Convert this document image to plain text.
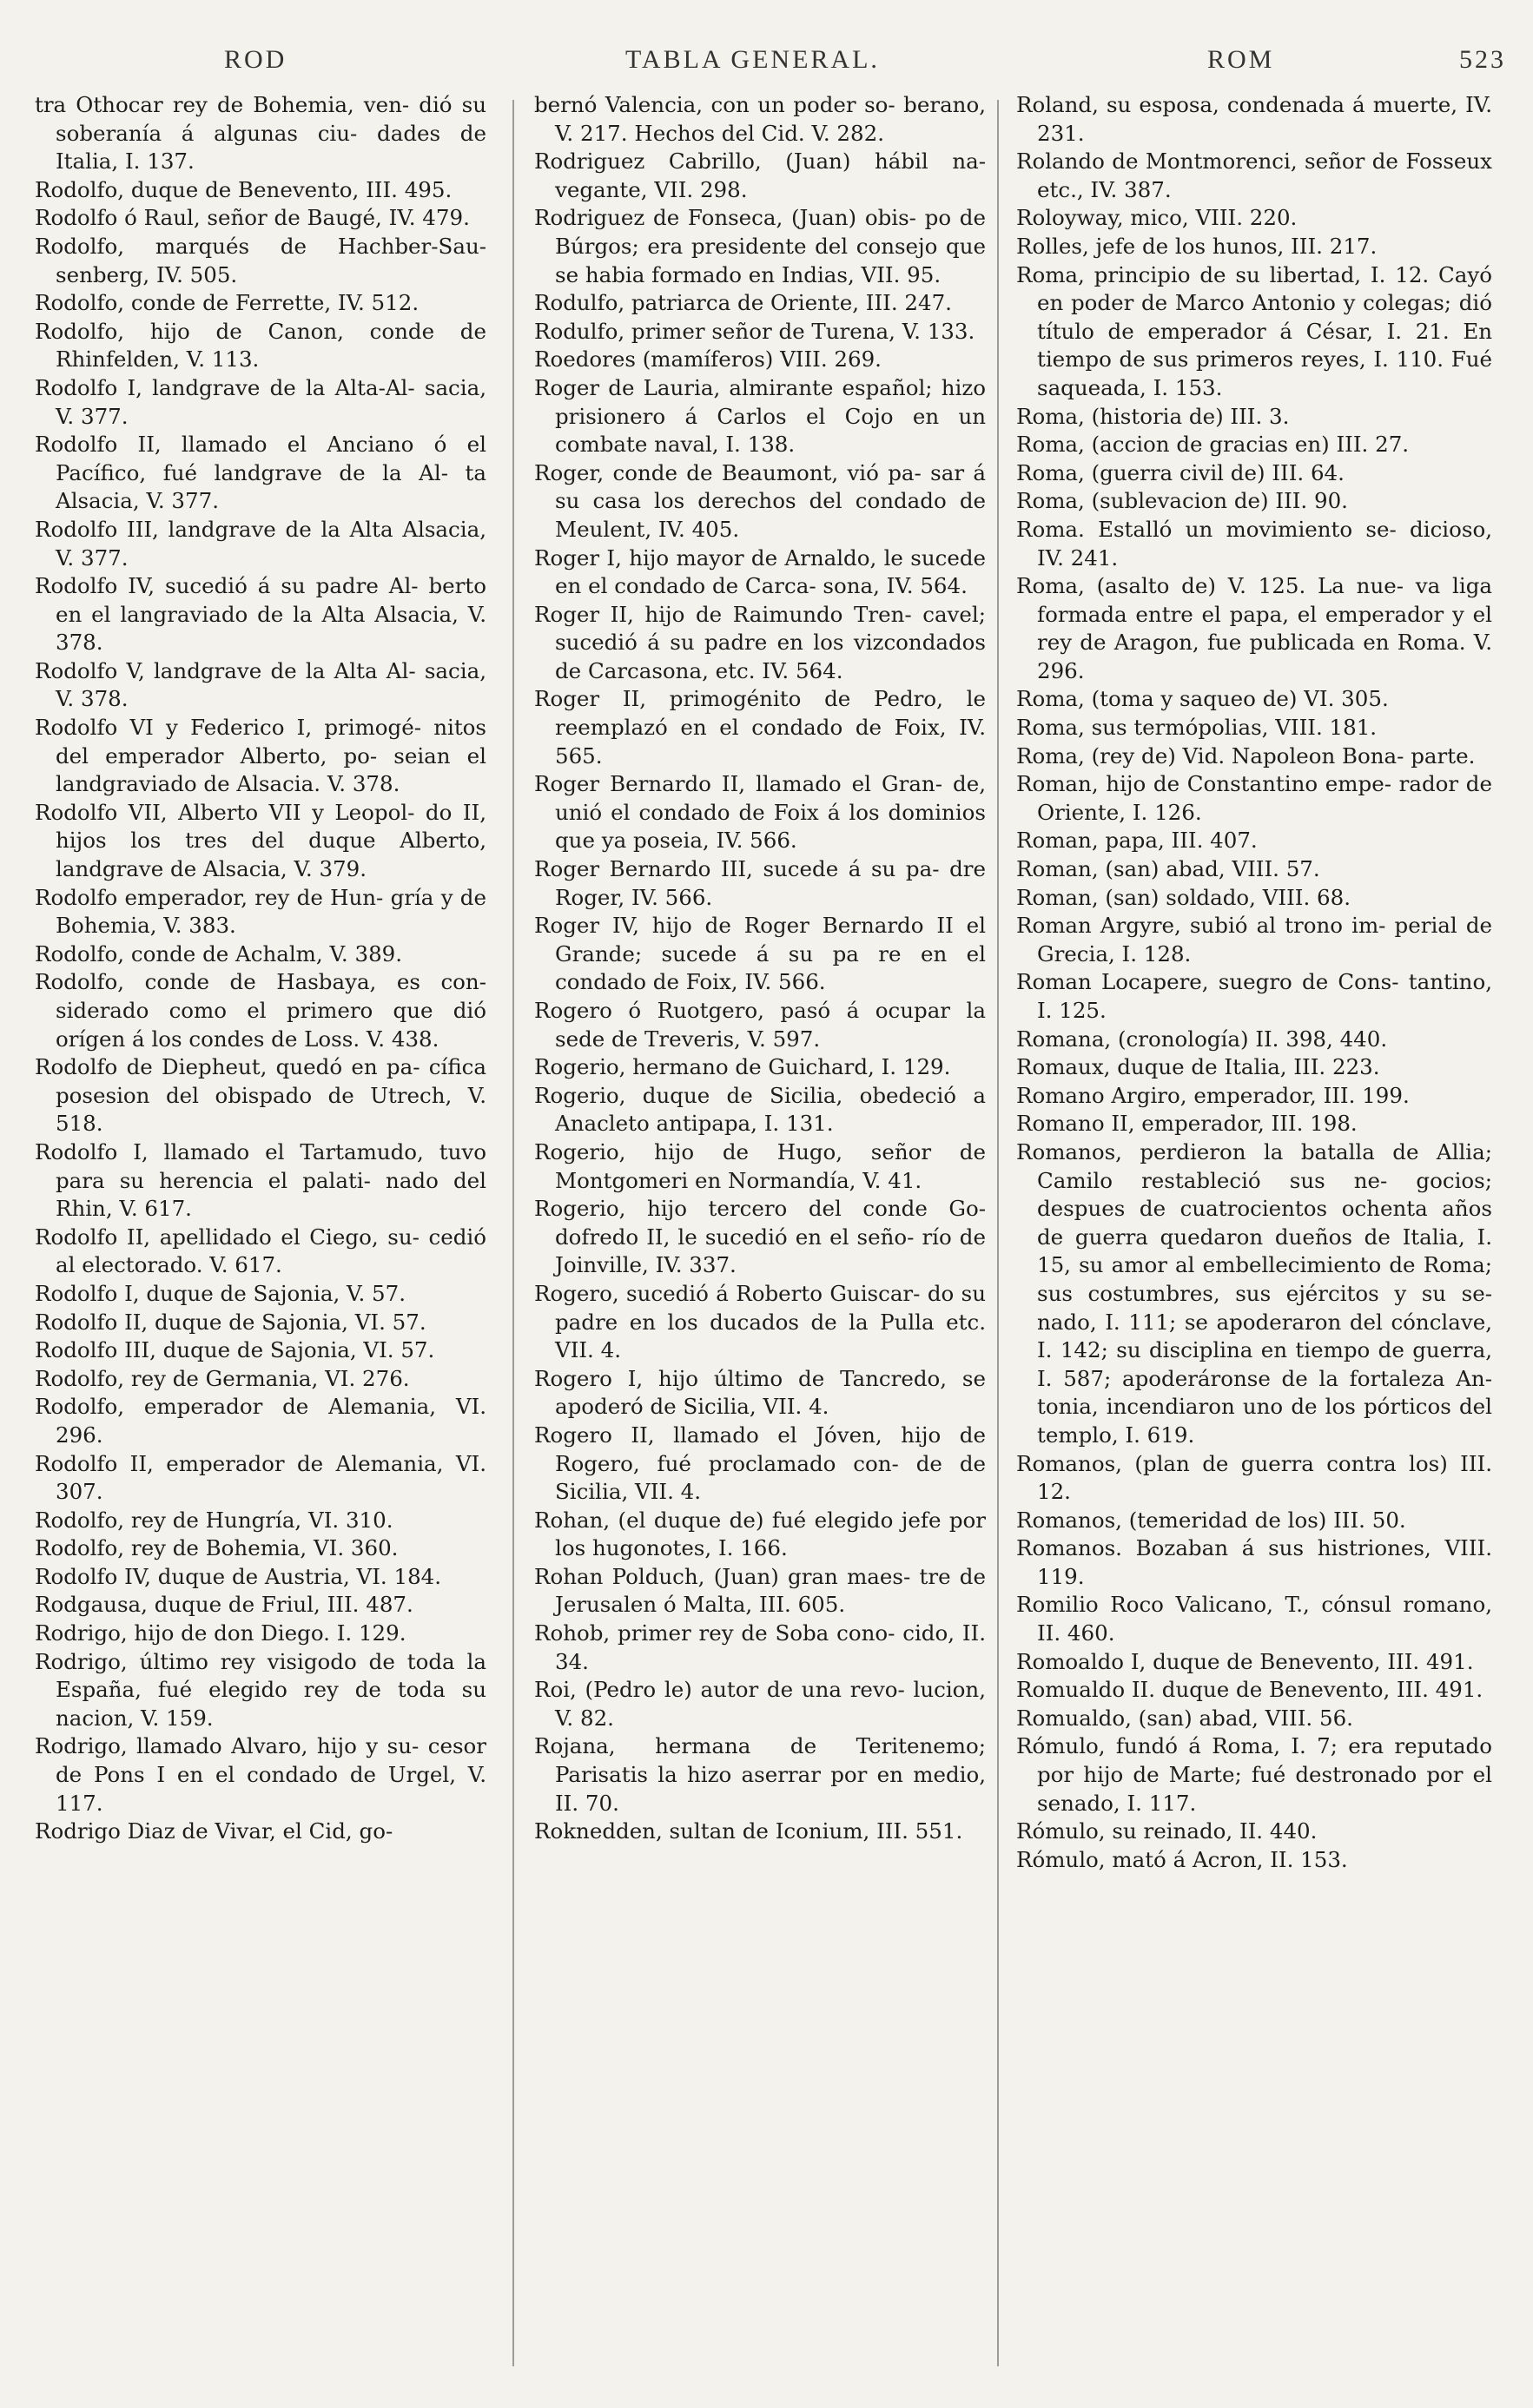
ROD	TABLA GENERAL.	ROM	523

tra Othocar rey de Bohemia, ven- dió su soberanía á algunas ciu- dades de Italia, I. 137.

Rodolfo, duque de Benevento, III. 495.

Rodolfo ó Raul, señor de Baugé, IV. 479.

Rodolfo, marqués de Hachber-Sau- senberg, IV. 505.

Rodolfo, conde de Ferrette, IV. 512.

Rodolfo, hijo de Canon, conde de Rhinfelden, V. 113.

Rodolfo I, landgrave de la Alta-Al- sacia, V. 377.

Rodolfo II, llamado el Anciano ó el Pacífico, fué landgrave de la Al- ta Alsacia, V. 377.

Rodolfo III, landgrave de la Alta Alsacia, V. 377.

Rodolfo IV, sucedió á su padre Al- berto en el langraviado de la Alta Alsacia, V. 378.

Rodolfo V, landgrave de la Alta Al- sacia, V. 378.

Rodolfo VI y Federico I, primogé- nitos del emperador Alberto, po- seian el landgraviado de Alsacia. V. 378.

Rodolfo VII, Alberto VII y Leopol- do II, hijos los tres del duque Alberto, landgrave de Alsacia, V. 379.

Rodolfo emperador, rey de Hun- gría y de Bohemia, V. 383.

Rodolfo, conde de Achalm, V. 389.

Rodolfo, conde de Hasbaya, es con- siderado como el primero que dió orígen á los condes de Loss. V. 438.

Rodolfo de Diepheut, quedó en pa- cífica posesion del obispado de Utrech, V. 518.

Rodolfo I, llamado el Tartamudo, tuvo para su herencia el palati- nado del Rhin, V. 617.

Rodolfo II, apellidado el Ciego, su- cedió al electorado. V. 617.

Rodolfo I, duque de Sajonia, V. 57.

Rodolfo II, duque de Sajonia, VI. 57.

Rodolfo III, duque de Sajonia, VI. 57.

Rodolfo, rey de Germania, VI. 276.

Rodolfo, emperador de Alemania, VI. 296.

Rodolfo II, emperador de Alemania, VI. 307.

Rodolfo, rey de Hungría, VI. 310.

Rodolfo, rey de Bohemia, VI. 360.

Rodolfo IV, duque de Austria, VI. 184.

Rodgausa, duque de Friul, III. 487.

Rodrigo, hijo de don Diego. I. 129.

Rodrigo, último rey visigodo de toda la España, fué elegido rey de toda su nacion, V. 159.

Rodrigo, llamado Alvaro, hijo y su- cesor de Pons I en el condado de Urgel, V. 117.

Rodrigo Diaz de Vivar, el Cid, go-

bernó Valencia, con un poder so- berano, V. 217. Hechos del Cid. V. 282.

Rodriguez Cabrillo, (Juan) hábil na- vegante, VII. 298.

Rodriguez de Fonseca, (Juan) obis- po de Búrgos; era presidente del consejo que se habia formado en Indias, VII. 95.

Rodulfo, patriarca de Oriente, III. 247.

Rodulfo, primer señor de Turena, V. 133.

Roedores (mamíferos) VIII. 269.

Roger de Lauria, almirante español; hizo prisionero á Carlos el Cojo en un combate naval, I. 138.

Roger, conde de Beaumont, vió pa- sar á su casa los derechos del condado de Meulent, IV. 405.

Roger I, hijo mayor de Arnaldo, le sucede en el condado de Carca- sona, IV. 564.

Roger II, hijo de Raimundo Tren- cavel; sucedió á su padre en los vizcondados de Carcasona, etc. IV. 564.

Roger II, primogénito de Pedro, le reemplazó en el condado de Foix, IV. 565.

Roger Bernardo II, llamado el Gran- de, unió el condado de Foix á los dominios que ya poseia, IV. 566.

Roger Bernardo III, sucede á su pa- dre Roger, IV. 566.

Roger IV, hijo de Roger Bernardo II el Grande; sucede á su pa re en el condado de Foix, IV. 566.

Rogero ó Ruotgero, pasó á ocupar la sede de Treveris, V. 597.

Rogerio, hermano de Guichard, I. 129.

Rogerio, duque de Sicilia, obedeció a Anacleto antipapa, I. 131.

Rogerio, hijo de Hugo, señor de Montgomeri en Normandía, V. 41.

Rogerio, hijo tercero del conde Go- dofredo II, le sucedió en el seño- río de Joinville, IV. 337.

Rogero, sucedió á Roberto Guiscar- do su padre en los ducados de la Pulla etc. VII. 4.

Rogero I, hijo último de Tancredo, se apoderó de Sicilia, VII. 4.

Rogero II, llamado el Jóven, hijo de Rogero, fué proclamado con- de de Sicilia, VII. 4.

Rohan, (el duque de) fué elegido jefe por los hugonotes, I. 166.

Rohan Polduch, (Juan) gran maes- tre de Jerusalen ó Malta, III. 605.

Rohob, primer rey de Soba cono- cido, II. 34.

Roi, (Pedro le) autor de una revo- lucion, V. 82.

Rojana, hermana de Teritenemo; Parisatis la hizo aserrar por en medio, II. 70.

Roknedden, sultan de Iconium, III. 551.

Roland, su esposa, condenada á muerte, IV. 231.

Rolando de Montmorenci, señor de Fosseux etc., IV. 387.

Roloyway, mico, VIII. 220.

Rolles, jefe de los hunos, III. 217.

Roma, principio de su libertad, I. 12. Cayó en poder de Marco Antonio y colegas; dió título de emperador á César, I. 21. En tiempo de sus primeros reyes, I. 110. Fué saqueada, I. 153.

Roma, (historia de) III. 3.

Roma, (accion de gracias en) III. 27.

Roma, (guerra civil de) III. 64.

Roma, (sublevacion de) III. 90.

Roma. Estalló un movimiento se- dicioso, IV. 241.

Roma, (asalto de) V. 125. La nue- va liga formada entre el papa, el emperador y el rey de Aragon, fue publicada en Roma. V. 296.

Roma, (toma y saqueo de) VI. 305.

Roma, sus termópolias, VIII. 181.

Roma, (rey de) Vid. Napoleon Bona- parte.

Roman, hijo de Constantino empe- rador de Oriente, I. 126.

Roman, papa, III. 407.

Roman, (san) abad, VIII. 57.

Roman, (san) soldado, VIII. 68.

Roman Argyre, subió al trono im- perial de Grecia, I. 128.

Roman Locapere, suegro de Cons- tantino, I. 125.

Romana, (cronología) II. 398, 440.

Romaux, duque de Italia, III. 223.

Romano Argiro, emperador, III. 199.

Romano II, emperador, III. 198.

Romanos, perdieron la batalla de Allia; Camilo restableció sus ne- gocios; despues de cuatrocientos ochenta años de guerra quedaron dueños de Italia, I. 15, su amor al embellecimiento de Roma; sus costumbres, sus ejércitos y su se- nado, I. 111; se apoderaron del cónclave, I. 142; su disciplina en tiempo de guerra, I. 587; apoderáronse de la fortaleza An- tonia, incendiaron uno de los pórticos del templo, I. 619.

Romanos, (plan de guerra contra los) III. 12.

Romanos, (temeridad de los) III. 50.

Romanos. Bozaban á sus histriones, VIII. 119.

Romilio Roco Valicano, T., cónsul romano, II. 460.

Romoaldo I, duque de Benevento, III. 491.

Romualdo II. duque de Benevento, III. 491.

Romualdo, (san) abad, VIII. 56.

Rómulo, fundó á Roma, I. 7; era reputado por hijo de Marte; fué destronado por el senado, I. 117.

Rómulo, su reinado, II. 440.

Rómulo, mató á Acron, II. 153.
